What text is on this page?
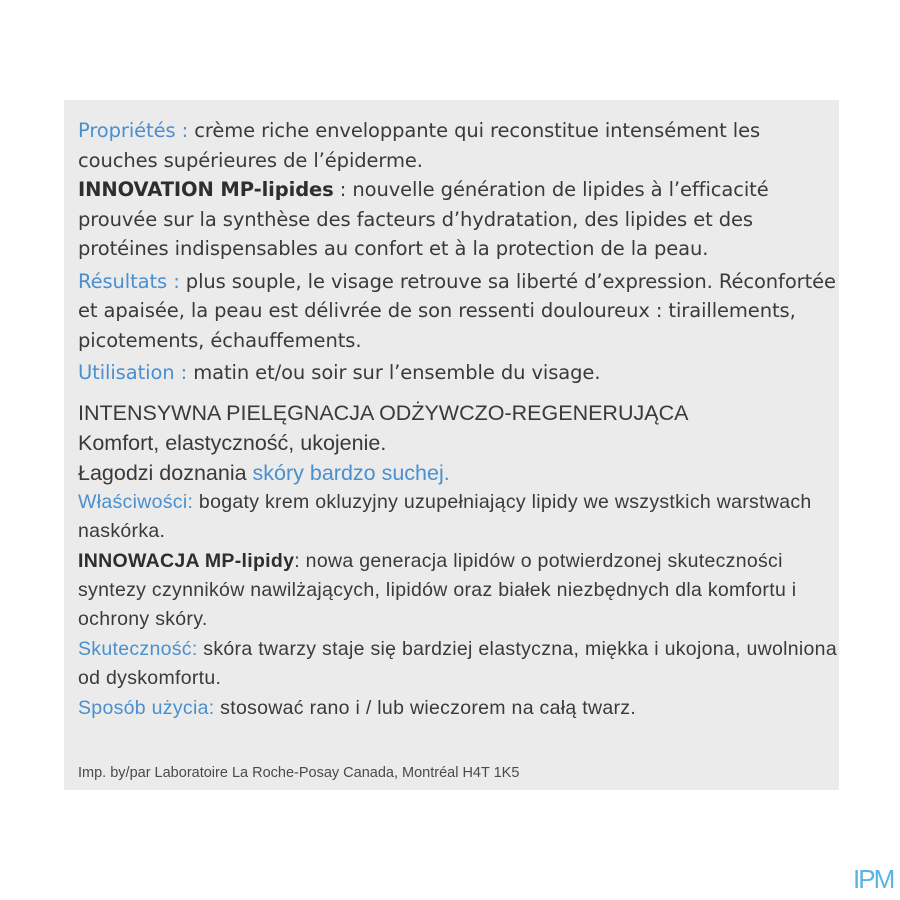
Propriétés : crème riche enveloppante qui reconstitue intensément les couches supérieures de l’épiderme.

INNOVATION MP-lipides : nouvelle génération de lipides à l’efficacité prouvée sur la synthèse des facteurs d’hydratation, des lipides et des protéines indispensables au confort et à la protection de la peau.

Résultats : plus souple, le visage retrouve sa liberté d’expression. Réconfortée et apaisée, la peau est délivrée de son ressenti douloureux : tiraillements, picotements, échauffements.

Utilisation : matin et/ou soir sur l’ensemble du visage.

INTENSYWNA PIELĘGNACJA ODŻYWCZO-REGENERUJĄCA

Komfort, elastyczność, ukojenie.

Łagodzi doznania skóry bardzo suchej.

Właściwości: bogaty krem okluzyjny uzupełniający lipidy we wszystkich warstwach naskórka.

INNOWACJA MP-lipidy: nowa generacja lipidów o potwierdzonej skuteczności syntezy czynników nawilżających, lipidów oraz białek niezbędnych dla komfortu i ochrony skóry.

Skuteczność: skóra twarzy staje się bardziej elastyczna, miękka i ukojona, uwolniona od dyskomfortu.

Sposób użycia: stosować rano i / lub wieczorem na całą twarz.

Imp. by/par Laboratoire La Roche-Posay Canada, Montréal H4T 1K5
IPM
